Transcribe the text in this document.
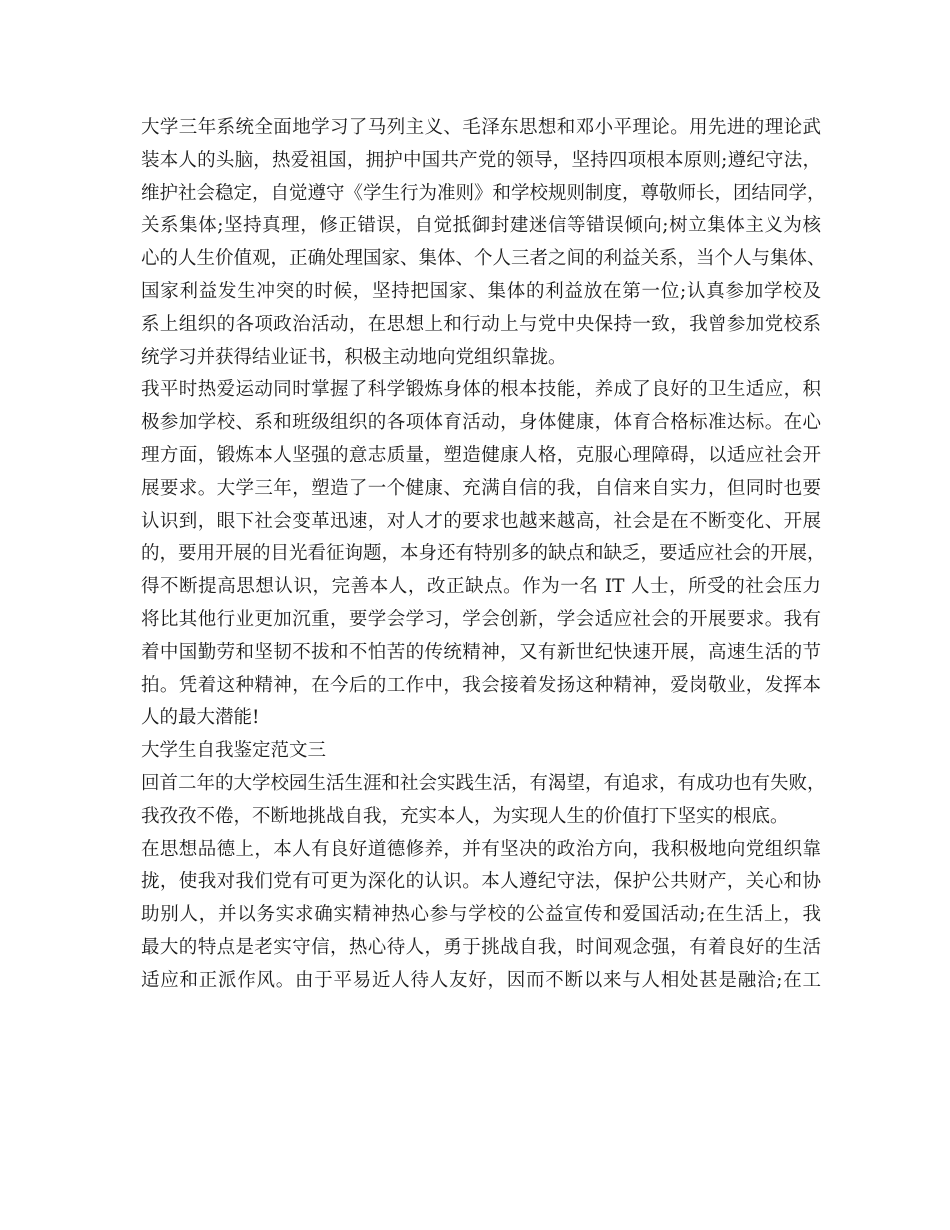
大学三年系统全面地学习了马列主义、毛泽东思想和邓小平理论。用先进的理论武
装本人的头脑，热爱祖国，拥护中国共产党的领导，坚持四项根本原则;遵纪守法，
维护社会稳定，自觉遵守《学生行为准则》和学校规则制度，尊敬师长，团结同学，
关系集体;坚持真理，修正错误，自觉抵御封建迷信等错误倾向;树立集体主义为核
心的人生价值观，正确处理国家、集体、个人三者之间的利益关系，当个人与集体、
国家利益发生冲突的时候，坚持把国家、集体的利益放在第一位;认真参加学校及
系上组织的各项政治活动，在思想上和行动上与党中央保持一致，我曾参加党校系
统学习并获得结业证书，积极主动地向党组织靠拢。
我平时热爱运动同时掌握了科学锻炼身体的根本技能，养成了良好的卫生适应，积
极参加学校、系和班级组织的各项体育活动，身体健康，体育合格标准达标。在心
理方面，锻炼本人坚强的意志质量，塑造健康人格，克服心理障碍，以适应社会开
展要求。大学三年，塑造了一个健康、充满自信的我，自信来自实力，但同时也要
认识到，眼下社会变革迅速，对人才的要求也越来越高，社会是在不断变化、开展
的，要用开展的目光看征询题，本身还有特别多的缺点和缺乏，要适应社会的开展，
得不断提高思想认识，完善本人，改正缺点。作为一名 IT 人士，所受的社会压力
将比其他行业更加沉重，要学会学习，学会创新，学会适应社会的开展要求。我有
着中国勤劳和坚韧不拔和不怕苦的传统精神，又有新世纪快速开展，高速生活的节
拍。凭着这种精神，在今后的工作中，我会接着发扬这种精神，爱岗敬业，发挥本
人的最大潜能!
大学生自我鉴定范文三
回首二年的大学校园生活生涯和社会实践生活，有渴望，有追求，有成功也有失败，
我孜孜不倦，不断地挑战自我，充实本人，为实现人生的价值打下坚实的根底。
在思想品德上，本人有良好道德修养，并有坚决的政治方向，我积极地向党组织靠
拢，使我对我们党有可更为深化的认识。本人遵纪守法，保护公共财产，关心和协
助别人，并以务实求确实精神热心参与学校的公益宣传和爱国活动;在生活上，我
最大的特点是老实守信，热心待人，勇于挑战自我，时间观念强，有着良好的生活
适应和正派作风。由于平易近人待人友好，因而不断以来与人相处甚是融洽;在工
